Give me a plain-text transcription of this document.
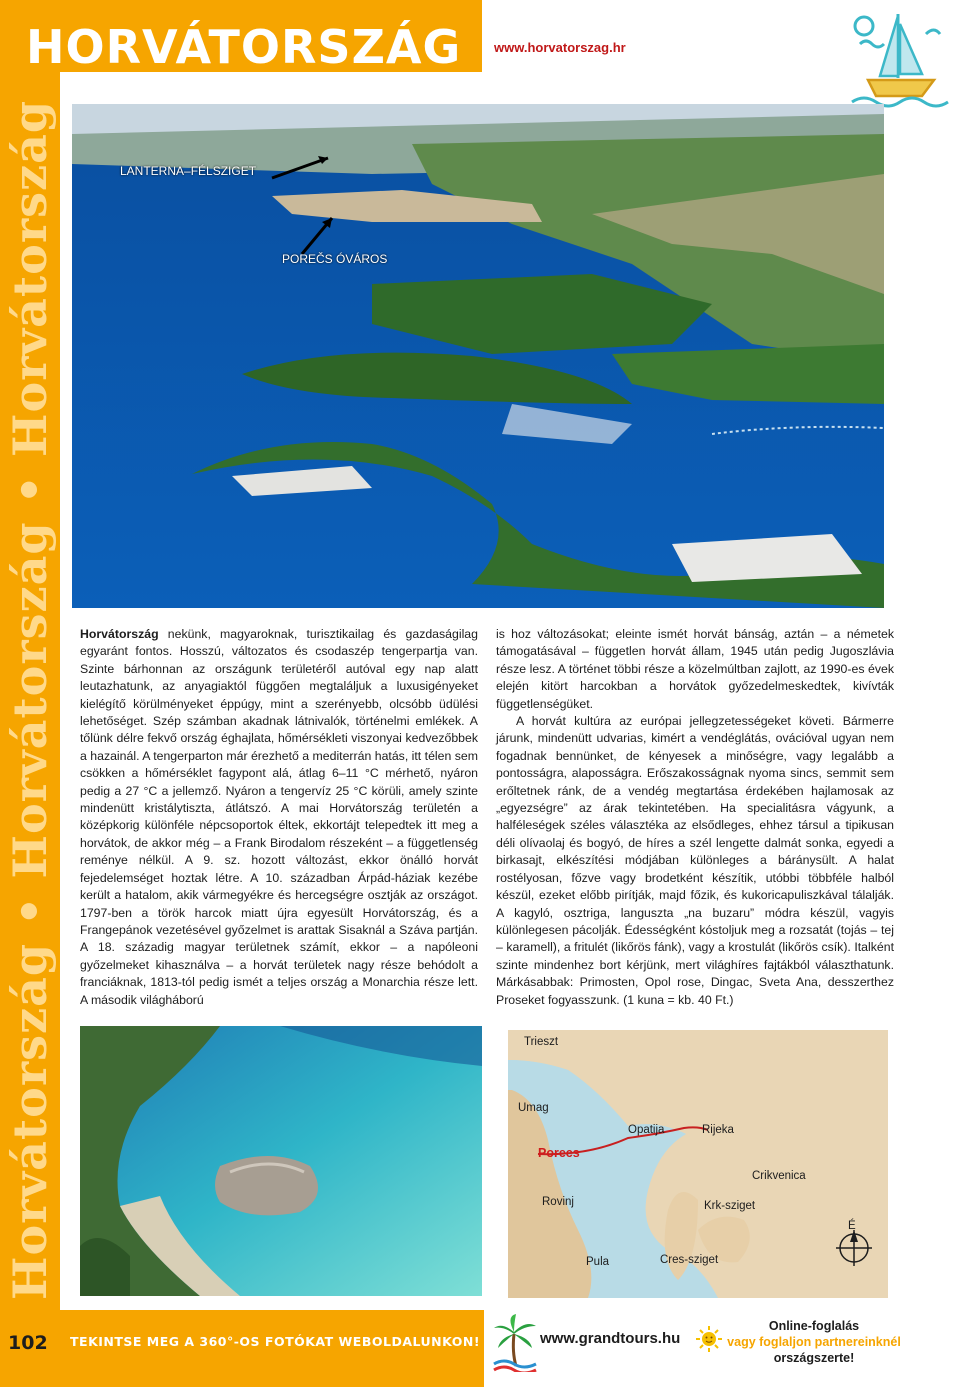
Horvátország • Horvátország • Horvátország
HORVÁTORSZÁG	www.horvatorszag.hr
LANTERNA–FÉLSZIGET
POREČS ÓVÁROS

Horvátország nekünk, magyaroknak, turisztikailag és gazdaságilag egyaránt fontos. Hosszú, változatos és csodaszép tengerpartja van. Szinte bárhonnan az országunk területéről autóval egy nap alatt leutazhatunk, az anyagiaktól függően megtaláljuk a luxusigényeket kielégítő körülményeket éppúgy, mint a szerényebb, olcsóbb üdülési lehetőséget. Szép számban akadnak látnivalók, történelmi emlékek. A tőlünk délre fekvő ország éghajlata, hőmérsékleti viszonyai kedvezőbbek a hazainál. A tengerparton már érezhető a mediterrán hatás, itt télen sem csökken a hőmérséklet fagypont alá, átlag 6–11 °C mérhető, nyáron pedig a 27 °C a jellemző. Nyáron a tengervíz 25 °C körüli, amely szinte mindenütt kristálytiszta, átlátszó. A mai Horvátország területén a középkorig különféle népcsoportok éltek, ekkortájt telepedtek itt meg a horvátok, de akkor még – a Frank Birodalom részeként – a függetlenség reménye nélkül. A 9. sz. hozott változást, ekkor önálló horvát fejedelemséget hoztak létre. A 10. században Árpád-háziak kezébe került a hatalom, akik vármegyékre és hercegségre osztják az országot. 1797-ben a török harcok miatt újra egyesült Horvátország, és a Frangepánok vezetésével győzelmet is arattak Sisaknál a Száva partján. A 18. századig magyar területnek számít, ekkor – a napóleoni győzelmeket kihasználva – a horvát területek nagy része behódolt a franciáknak, 1813-tól pedig ismét a teljes ország a Monarchia része lett. A második világháború

is hoz változásokat; eleinte ismét horvát bánság, aztán – a németek támogatásával – független horvát állam, 1945 után pedig Jugoszlávia része lesz. A történet többi része a közelmúltban zajlott, az 1990-es évek elején kitört harcokban a horvátok győzedelmeskedtek, kivívták függetlenségüket.

A horvát kultúra az európai jellegzetességeket követi. Bármerre járunk, mindenütt udvarias, kimért a vendéglátás, ovációval ugyan nem fogadnak bennünket, de kényesek a minőségre, vagy legalább a pontosságra, alaposságra. Erőszakosságnak nyoma sincs, semmit sem erőltetnek ránk, de a vendég megtartása érdekében hajlamosak az „egyezségre” az árak tekintetében. Ha specialitásra vágyunk, a halféleségek széles választéka az elsődleges, ehhez társul a tipikusan déli olívaolaj és bogyó, de híres a szél lengette dalmát sonka, egyedi a birkasajt, elkészítési módjában különleges a báránysült. A halat rostélyosan, főzve vagy brodetként készítik, utóbbi többféle halból készül, ezeket előbb pirítják, majd főzik, és kukoricapuliszkával tálalják. A kagyló, osztriga, languszta „na buzaru” módra készül, vagyis különlegesen pácolják. Édességként kóstoljuk meg a rozsatát (tojás – tej – karamell), a fritulét (likőrös fánk), vagy a krostulát (likőrös csík). Italként szinte mindenhez bort kérjünk, mert világhíres fajtákból választhatunk. Márkásabbak: Primosten, Opol rose, Dingac, Sveta Ana, desszerthez Proseket fogyasszunk. (1 kuna = kb. 40 Ft.)

Trieszt
Umag
Porecs
Opatija	Rijeka
Crikvenica
Rovinj	Krk-sziget
Pula	Cres-sziget
É
102 TEKINTSE MEG A 360°-OS FOTÓKAT WEBOLDALUNKON!	www.grandtours.hu
Online-foglalás
vagy foglaljon partnereinknél
országszerte!
